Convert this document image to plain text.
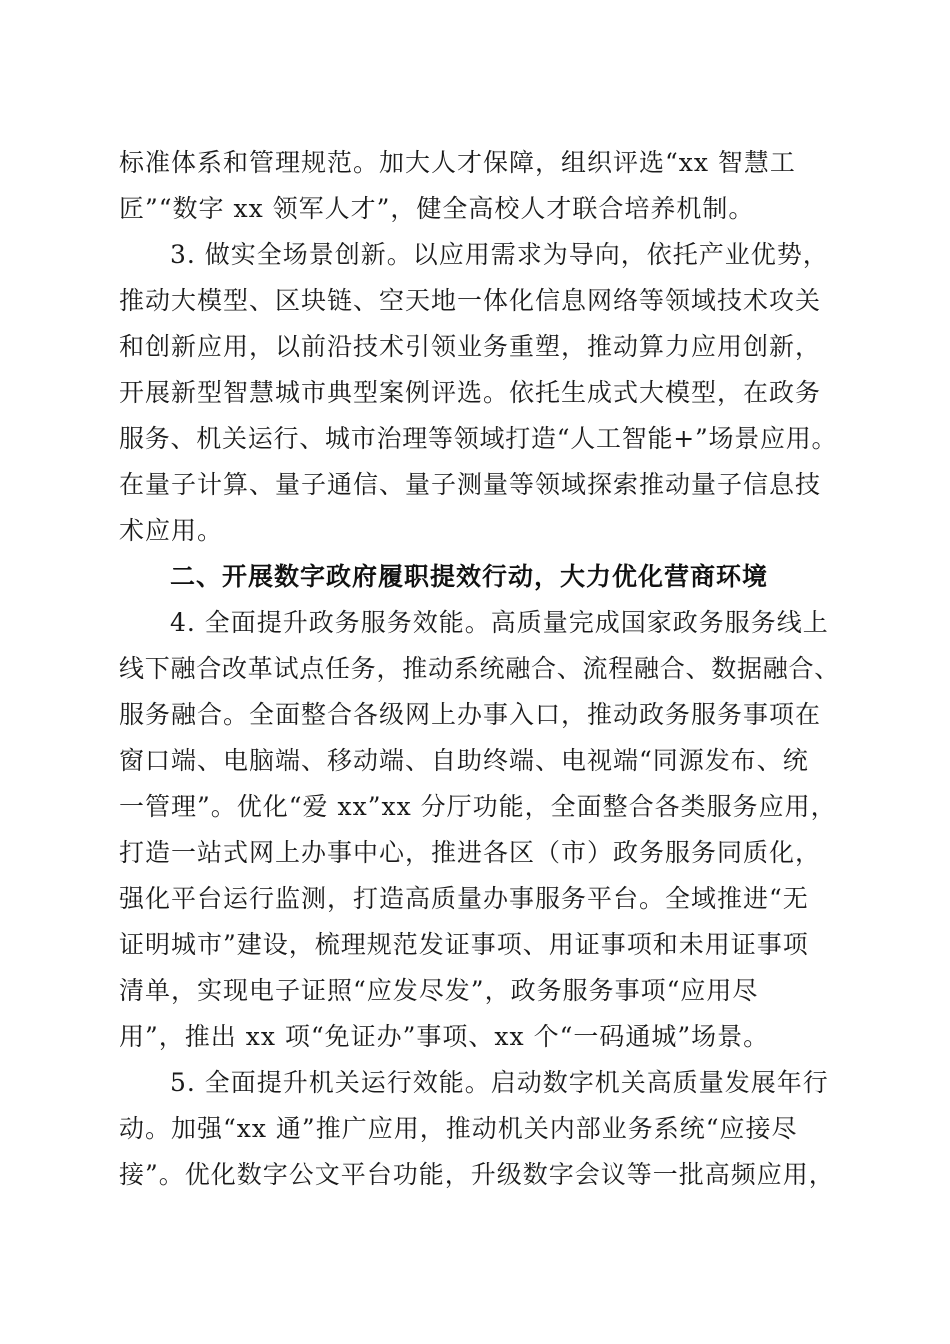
标准体系和管理规范。加大人才保障，组织评选“xx 智慧工
匠”“数字 xx 领军人才”，健全高校人才联合培养机制。
3. 做实全场景创新。以应用需求为导向，依托产业优势，
推动大模型、区块链、空天地一体化信息网络等领域技术攻关
和创新应用，以前沿技术引领业务重塑，推动算力应用创新，
开展新型智慧城市典型案例评选。依托生成式大模型，在政务
服务、机关运行、城市治理等领域打造“人工智能+”场景应用。
在量子计算、量子通信、量子测量等领域探索推动量子信息技
术应用。
二、开展数字政府履职提效行动，大力优化营商环境
4. 全面提升政务服务效能。高质量完成国家政务服务线上
线下融合改革试点任务，推动系统融合、流程融合、数据融合、
服务融合。全面整合各级网上办事入口，推动政务服务事项在
窗口端、电脑端、移动端、自助终端、电视端“同源发布、统
一管理”。优化“爱 xx”xx 分厅功能，全面整合各类服务应用，
打造一站式网上办事中心，推进各区（市）政务服务同质化，
强化平台运行监测，打造高质量办事服务平台。全域推进“无
证明城市”建设，梳理规范发证事项、用证事项和未用证事项
清单，实现电子证照“应发尽发”，政务服务事项“应用尽
用”，推出 xx 项“免证办”事项、xx 个“一码通城”场景。
5. 全面提升机关运行效能。启动数字机关高质量发展年行
动。加强“xx 通”推广应用，推动机关内部业务系统“应接尽
接”。优化数字公文平台功能，升级数字会议等一批高频应用，
